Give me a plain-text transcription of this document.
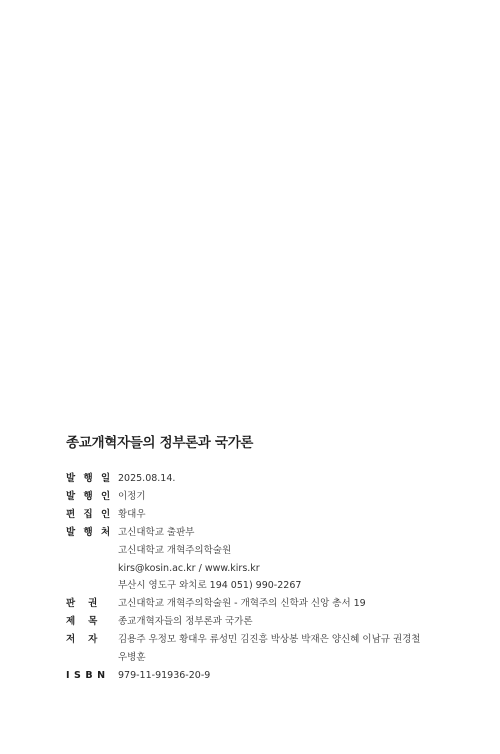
종교개혁자들의 정부론과 국가론
발 행 일 2025.08.14.
발 행 인 이정기
편 집 인 황대우
발 행 처 고신대학교 출판부
고신대학교 개혁주의학술원
kirs@kosin.ac.kr / www.kirs.kr
부산시 영도구 와치로 194 051) 990-2267
판권 고신대학교 개혁주의학술원 - 개혁주의 신학과 신앙 총서 19
제목 종교개혁자들의 정부론과 국가론
저자 김용주 우정모 황대우 류성민 김진흥 박상봉 박재은 양신혜 이남규 권경철
우병훈
ISBN 979-11-91936-20-9
